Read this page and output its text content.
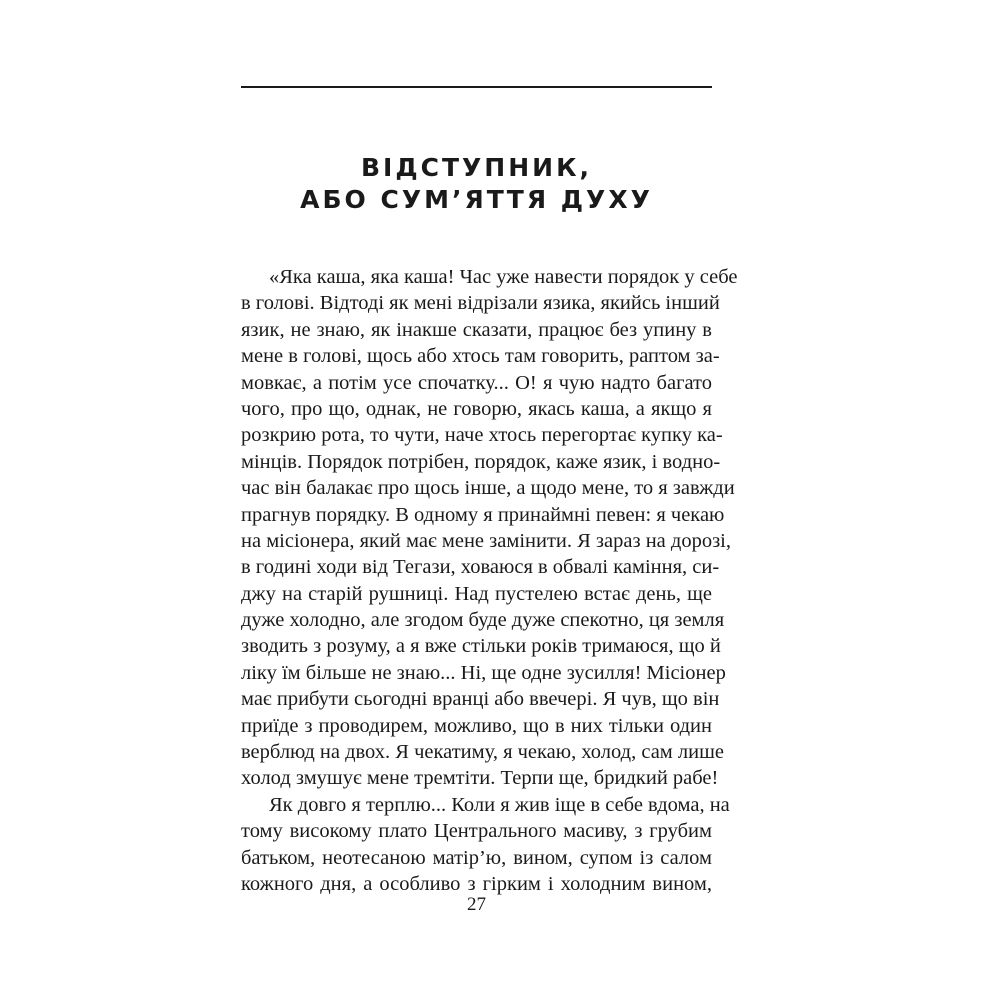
ВІДСТУПНИК,
АБО СУМ’ЯТТЯ ДУХУ
«Яка каша, яка каша! Час уже навести порядок у себе
в голові. Відтоді як мені відрізали язика, якийсь інший
язик, не знаю, як інакше сказати, працює без упину в
мене в голові, щось або хтось там говорить, раптом за-
мовкає, а потім усе спочатку... О! я чую надто багато
чого, про що, однак, не говорю, якась каша, а якщо я
розкрию рота, то чути, наче хтось перегортає купку ка-
мінців. Порядок потрібен, порядок, каже язик, і водно-
час він балакає про щось інше, а щодо мене, то я завжди
прагнув порядку. В одному я принаймні певен: я чекаю
на місіонера, який має мене замінити. Я зараз на дорозі,
в годині ходи від Тегази, ховаюся в обвалі каміння, си-
джу на старій рушниці. Над пустелею встає день, ще
дуже холодно, але згодом буде дуже спекотно, ця земля
зводить з розуму, а я вже стільки років тримаюся, що й
ліку їм більше не знаю... Ні, ще одне зусилля! Місіонер
має прибути сьогодні вранці або ввечері. Я чув, що він
приїде з проводирем, можливо, що в них тільки один
верблюд на двох. Я чекатиму, я чекаю, холод, сам лише
холод змушує мене тремтіти. Терпи ще, бридкий рабе!
Як довго я терплю... Коли я жив іще в себе вдома, на
тому високому плато Центрального масиву, з грубим
батьком, неотесаною матір’ю, вином, супом із салом
кожного дня, а особливо з гірким і холодним вином,
27
